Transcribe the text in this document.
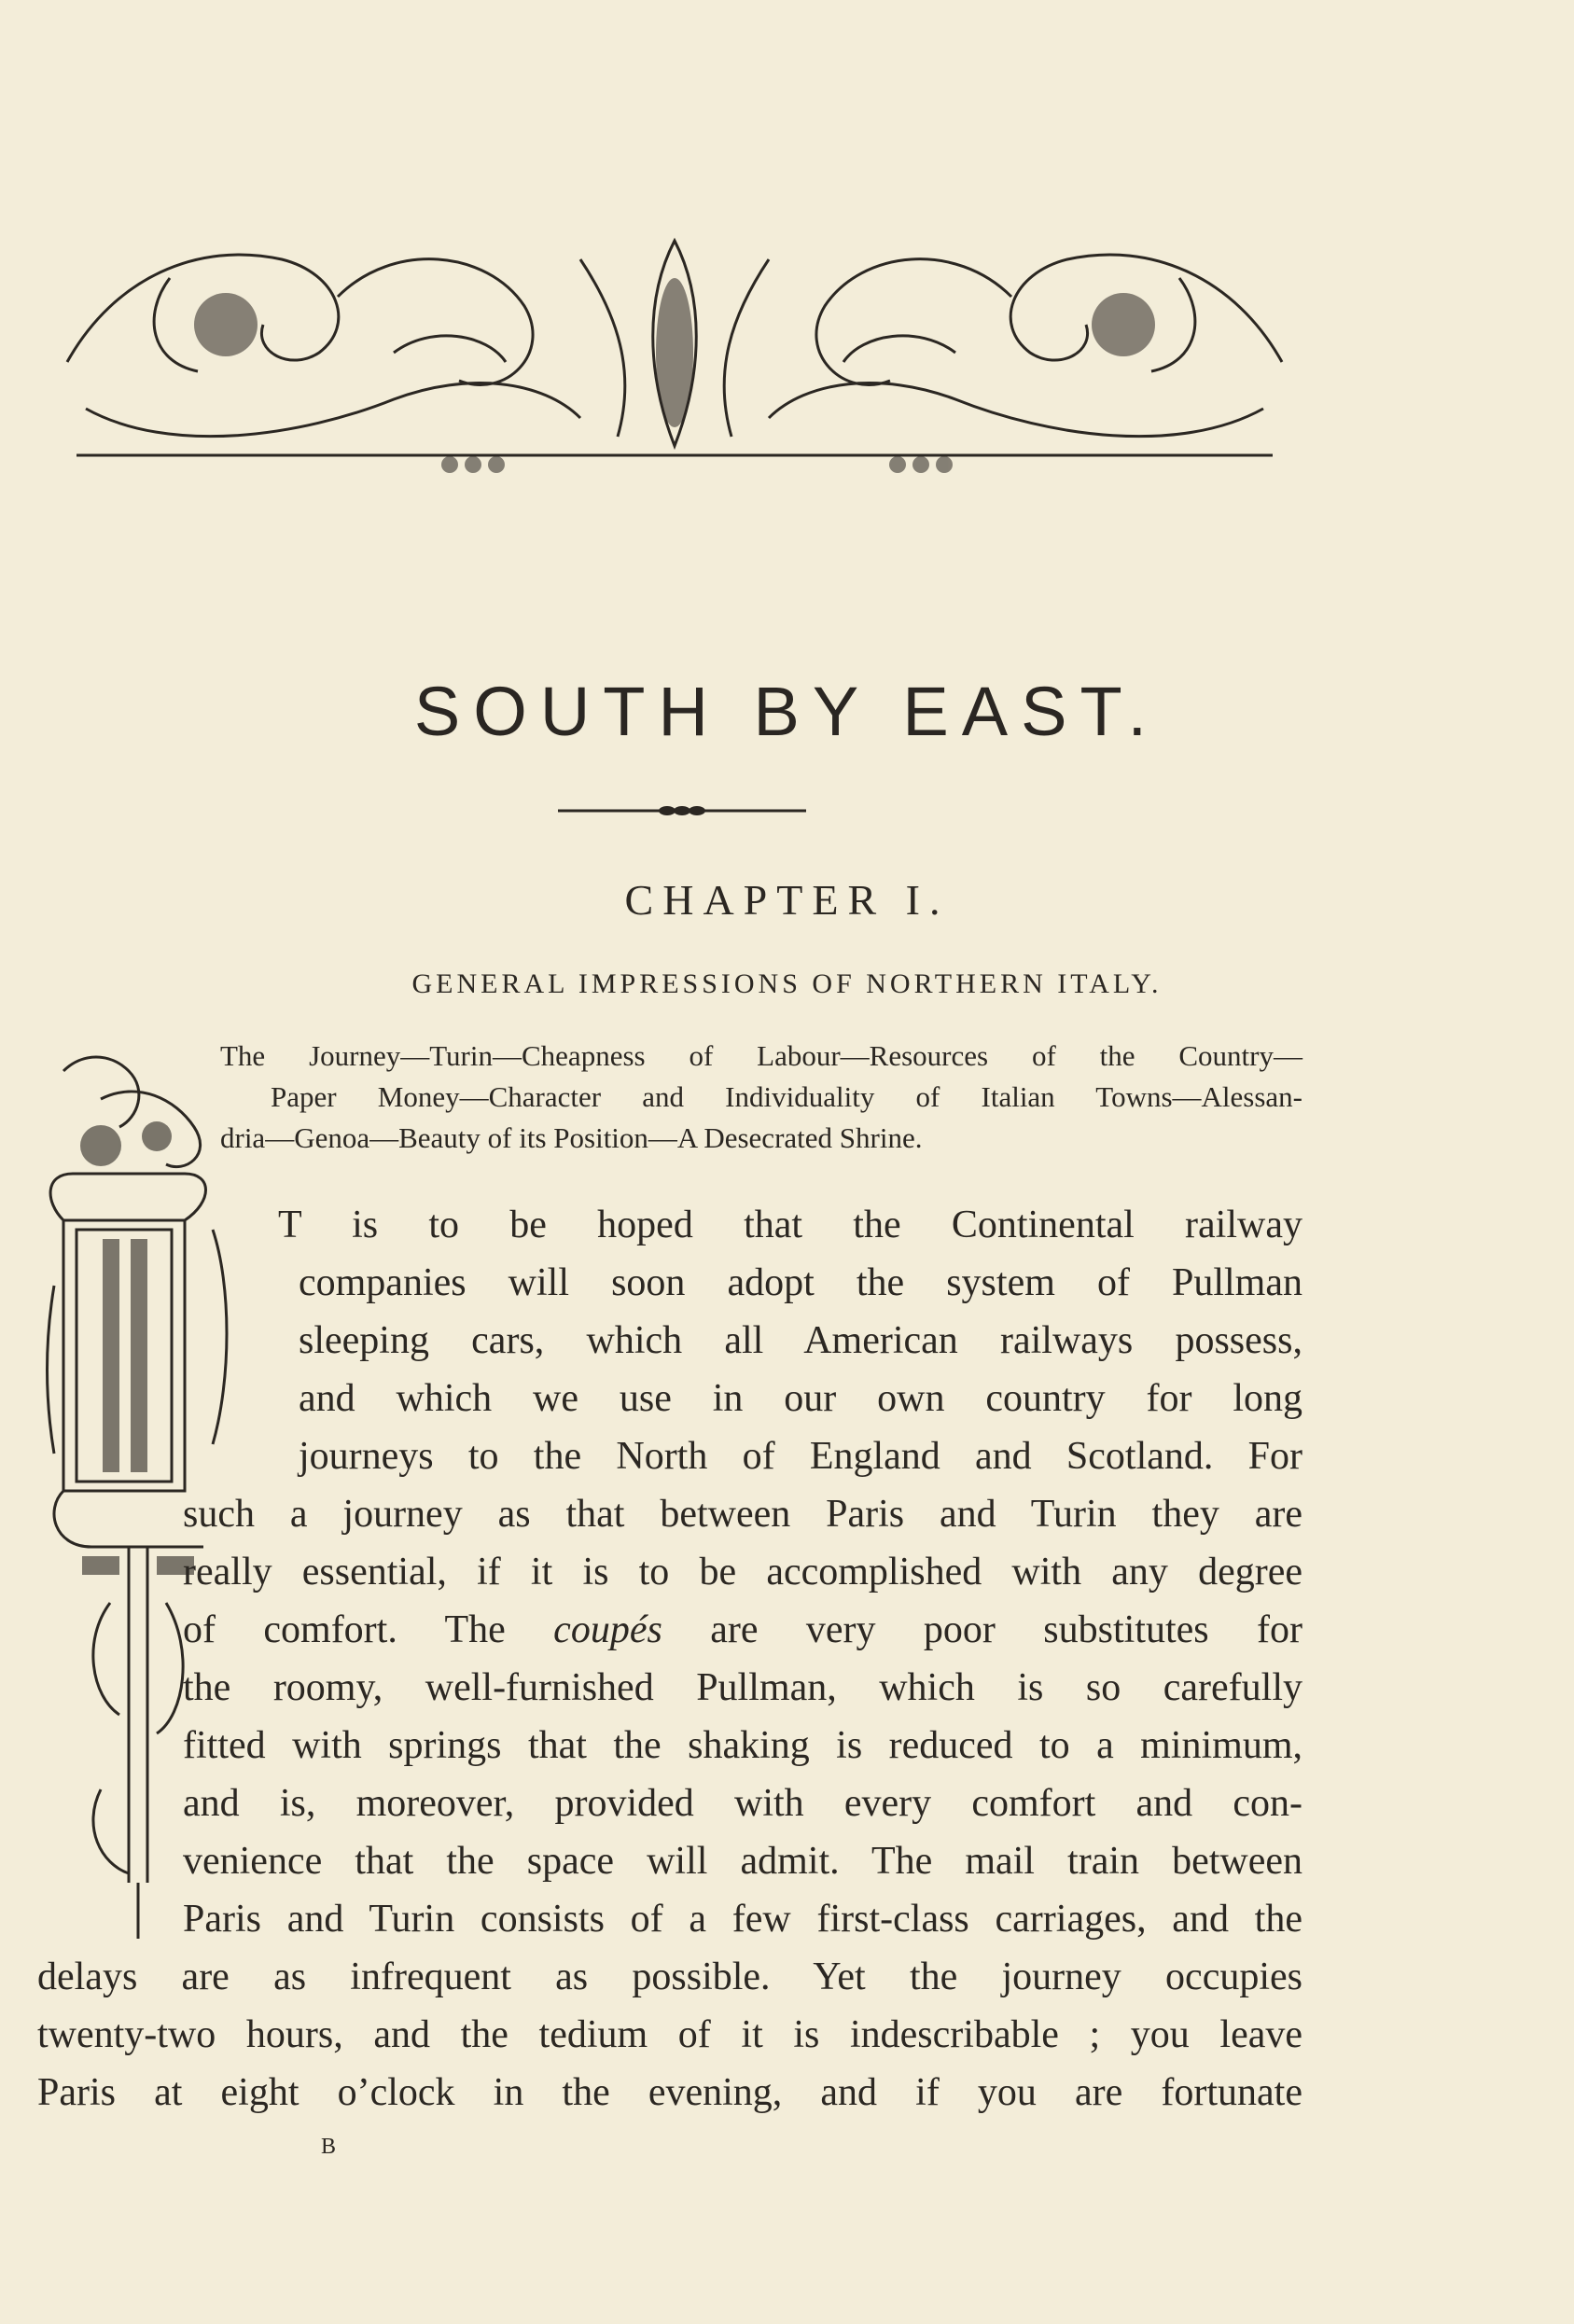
SOUTH BY EAST.
CHAPTER I.
GENERAL IMPRESSIONS OF NORTHERN ITALY.
The Journey—Turin—Cheapness of Labour—Resources of the Country—
Paper Money—Character and Individuality of Italian Towns—Alessan-
dria—Genoa—Beauty of its Position—A Desecrated Shrine.
T is to be hoped that the Continental railway
companies will soon adopt the system of Pullman
sleeping cars, which all American railways possess,
and which we use in our own country for long
journeys to the North of England and Scotland. For
such a journey as that between Paris and Turin they are
really essential, if it is to be accomplished with any degree
of comfort. The coupés are very poor substitutes for
the roomy, well-furnished Pullman, which is so carefully
fitted with springs that the shaking is reduced to a minimum,
and is, moreover, provided with every comfort and con-
venience that the space will admit. The mail train between
Paris and Turin consists of a few first-class carriages, and the
delays are as infrequent as possible. Yet the journey occupies
twenty-two hours, and the tedium of it is indescribable ; you leave
Paris at eight o’clock in the evening, and if you are fortunate
B
